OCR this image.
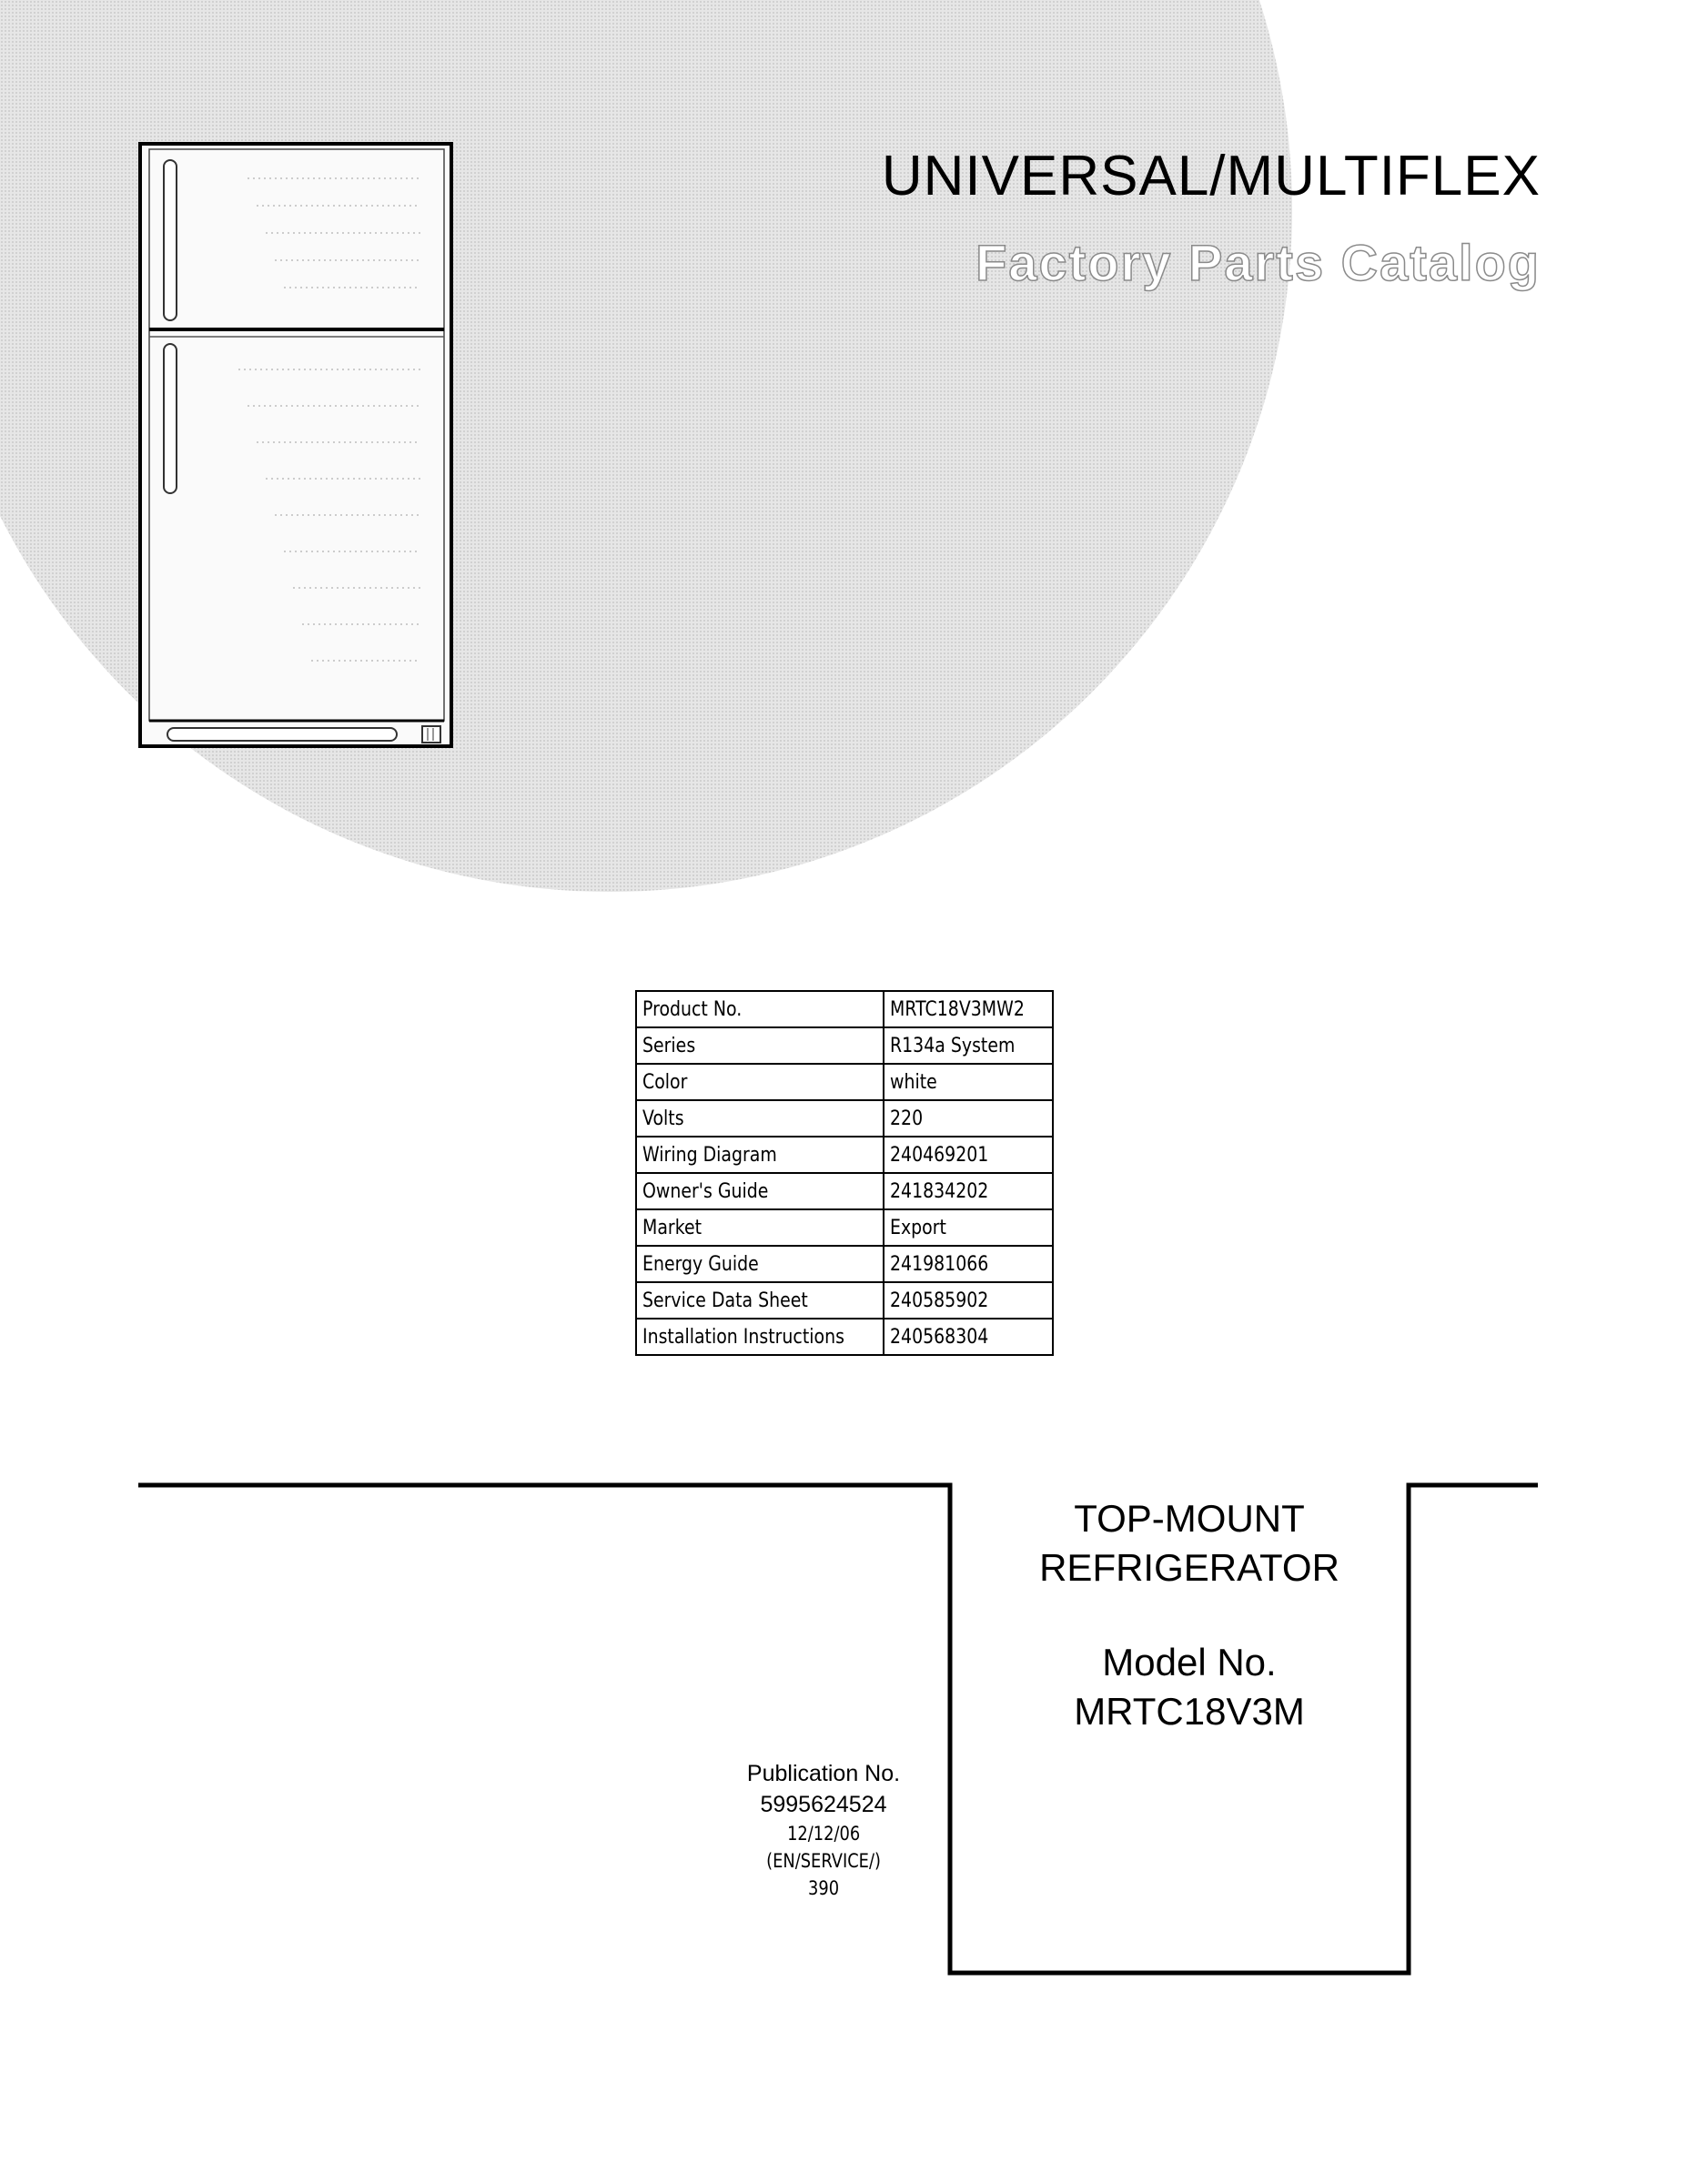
UNIVERSAL/MULTIFLEX
Factory Parts Catalog
Product No.	MRTC18V3MW2
Series	R134a System
Color	white
Volts	220
Wiring Diagram	240469201
Owner's Guide	241834202
Market	Export
Energy Guide	241981066
Service Data Sheet	240585902
Installation Instructions	240568304
TOP-MOUNT
REFRIGERATOR
Model No.
MRTC18V3M
Publication No.
5995624524
12/12/06
(EN/SERVICE/)
390
